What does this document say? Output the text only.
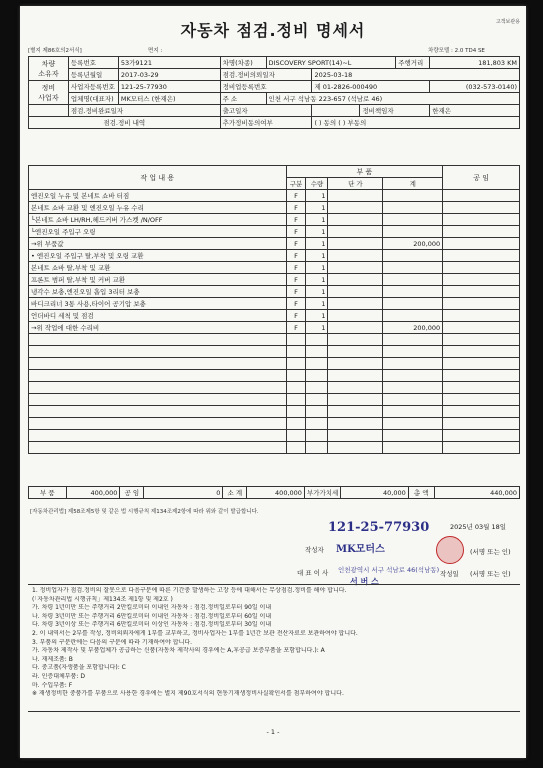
자동차 점검.정비 명세서	고객보관용
[별지 제86호의2서식]	면지 :	차량모델 : 2.0 TD4 SE
차량
소유자	등록번호	53가9121	차명(차종)	DISCOVERY SPORT(14)~L			주행거리	181,803 KM
	등록년월일	2017-03-29	점검.정비의뢰일자		2025-03-18			
정비
사업자	사업자등록번호	121-25-77930	정비업등록번호		제 01-2826-000490			(032-573-0140)
	업체명(대표자)	MK모터스 (한재은)	주 소	인천 서구 석남동 223-657 (석남로 46)				
	점검.정비완료일자		출고일자			정비책임자		한재은
점검.정비 내역			추가정비동의여부		( ) 동의 ( ) 부동의			
작 업 내 용	부 품				공 임
	구분	수량	단 가	계	
엔진오일 누유 및 본네트 쇼바 터짐	F	1			
본네트 쇼바 교환 및 엔진오일 누유 수리	F	1			
└본네트 쇼바 LH/RH,헤드커버 가스켓 /N/OFF	F	1			
└엔진오일 주입구 오링	F	1			
→위 부품값	F	1		200,000	
• 엔진오일 주입구 탈,부착 및 오링 교환	F	1			
본네트 쇼바 탈,부착 및 교환	F	1			
프론트 범퍼 탈,부착 및 커버 교환	F	1			
냉각수 보충,엔진오일 흡입 3리터 보충	F	1			
바디크리너 3통 사용,타이어 공기압 보충	F	1			
언더바디 세척 및 점검	F	1			
→위 작업에 대한 수리비	F	1		200,000	

부 품	400,000	공 임	0	소 계	400,000	부가가치세	40,000	총 액	440,000
[자동차관리법] 제58조제5항 및 같은 법 시행규칙 제134조제2항에 따라 위와 같이 발급합니다.
121-25-77930	2025년 03월 18일
작성자 MK모터스	(서명 또는 인)
대 표 이 사 인천광역시 서구 석남로 46(석남동)
서 버 스
작성일 (서명 또는 인)
1. 정비업자가 점검.정비의 잘못으로 다음구분에 따른 기간중 발생하는 고장 등에 대해서는 무상점검.정비를 해야 합니다.
(「자동차관리법 시행규칙」제134조 제1항 및 제2호 )
가. 차령 1년미만 또는 주행거리 2만킬로미터 이내인 자동차 : 점검.정비일로부터 90일 이내
나. 차령 3년미만 또는 주행거리 6만킬로미터 이내인 자동차 : 점검.정비일로부터 60일 이내
다. 차령 3년이상 또는 주행거리 6만킬로미터 이상인 자동차 : 점검.정비일로부터 30일 이내
2. 이 내역서는 2부를 작성, 정비의뢰자에게 1부를 교부하고, 정비사업자는 1부를 1년간 보관 전산자료로 보관하여야 합니다.
3. 부품의 구분란에는 다음의 구분에 따라 기재하여야 합니다.
가. 자동차 제작사 및 부품업체가 공급하는 신품(자동차 제작사의 경우에는 A,후공급 보증부품을 포함합니다.): A
나. 재제조품: B
다. 중고품(자생품을 포함합니다): C
라. 인증대체부품: D
마. 수입부품: F
※ 재생정비한 중품가를 부품으로 사용한 경우에는 별지 제90호서식의 현동기재생정비사실확인서를 첨부하여야 합니다.
- 1 -
